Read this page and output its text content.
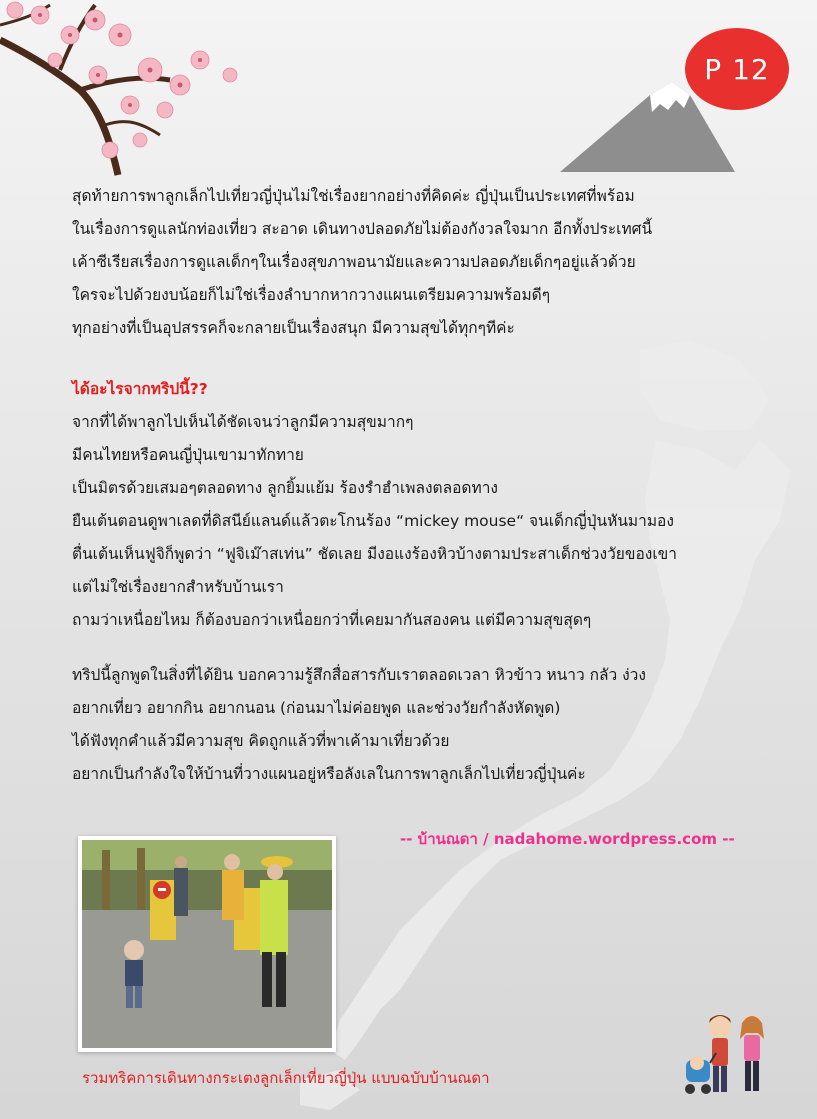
P 12
สุดท้ายการพาลูกเล็กไปเที่ยวญี่ปุ่นไม่ใช่เรื่องยากอย่างที่คิดค่ะ ญี่ปุ่นเป็นประเทศที่พร้อม
ในเรื่องการดูแลนักท่องเที่ยว สะอาด เดินทางปลอดภัยไม่ต้องกังวลใจมาก อีกทั้งประเทศนี้
เค้าซีเรียสเรื่องการดูแลเด็กๆในเรื่องสุขภาพอนามัยและความปลอดภัยเด็กๆอยู่แล้วด้วย
ใครจะไปด้วยงบน้อยก็ไม่ใช่เรื่องลำบากหากวางแผนเตรียมความพร้อมดีๆ
ทุกอย่างที่เป็นอุปสรรคก็จะกลายเป็นเรื่องสนุก มีความสุขได้ทุกๆทีค่ะ
ได้อะไรจากทริปนี้??
จากที่ได้พาลูกไปเห็นได้ชัดเจนว่าลูกมีความสุขมากๆ
มีคนไทยหรือคนญี่ปุ่นเขามาทักทาย
เป็นมิตรด้วยเสมอๆตลอดทาง ลูกยิ้มแย้ม ร้องรำฮำเพลงตลอดทาง
ยืนเต้นตอนดูพาเลดที่ดิสนีย์แลนด์แล้วตะโกนร้อง “mickey mouse“ จนเด็กญี่ปุ่นหันมามอง
ตื่นเต้นเห็นฟูจิก็พูดว่า “ฟูจิเม๊าสเท่น” ชัดเลย มีงอแงร้องหิวบ้างตามประสาเด็กช่วงวัยของเขา
แต่ไม่ใช่เรื่องยากสำหรับบ้านเรา
ถามว่าเหนื่อยไหม ก็ต้องบอกว่าเหนื่อยกว่าที่เคยมากันสองคน แต่มีความสุขสุดๆ
ทริปนี้ลูกพูดในสิ่งที่ได้ยิน บอกความรู้สึกสื่อสารกับเราตลอดเวลา หิวข้าว หนาว กลัว ง่วง
อยากเที่ยว อยากกิน อยากนอน (ก่อนมาไม่ค่อยพูด และช่วงวัยกำลังหัดพูด)
ได้ฟังทุกคำแล้วมีความสุข คิดถูกแล้วที่พาเค้ามาเที่ยวด้วย
อยากเป็นกำลังใจให้บ้านที่วางแผนอยู่หรือลังเลในการพาลูกเล็กไปเที่ยวญี่ปุ่นค่ะ
-- บ้านณดา / nadahome.wordpress.com --
รวมทริคการเดินทางกระเตงลูกเล็กเที่ยวญี่ปุ่น แบบฉบับบ้านณดา
